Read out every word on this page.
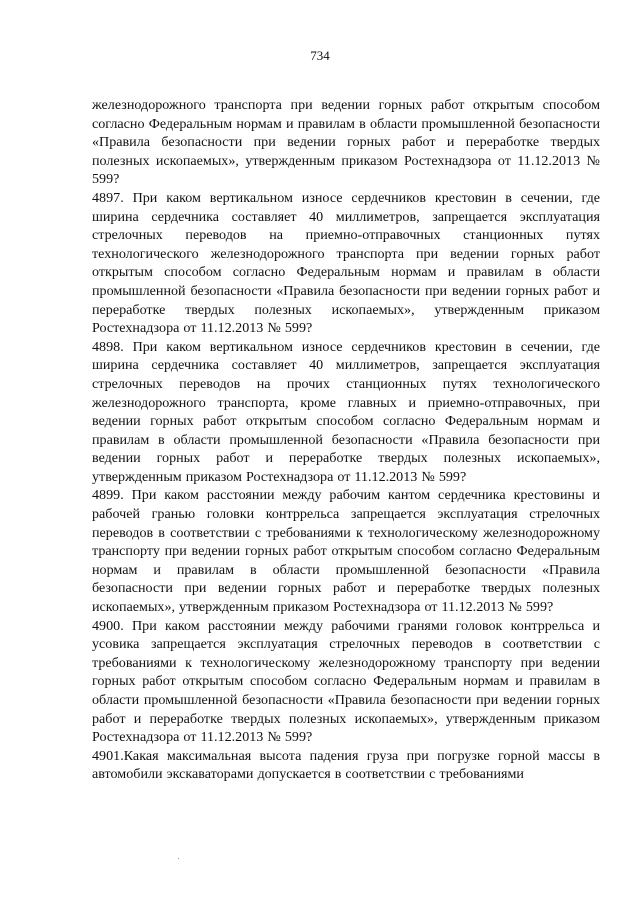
734

железнодорожного транспорта при ведении горных работ открытым способом согласно Федеральным нормам и правилам в области промышленной безопасности «Правила безопасности при ведении горных работ и переработке твердых полезных ископаемых», утвержденным приказом Ростехнадзора от 11.12.2013 № 599?

4897. При каком вертикальном износе сердечников крестовин в сечении, где ширина сердечника составляет 40 миллиметров, запрещается эксплуатация стрелочных переводов на приемно-отправочных станционных путях технологического железнодорожного транспорта при ведении горных работ открытым способом согласно Федеральным нормам и правилам в области промышленной безопасности «Правила безопасности при ведении горных работ и переработке твердых полезных ископаемых», утвержденным приказом Ростехнадзора от 11.12.2013 № 599?

4898. При каком вертикальном износе сердечников крестовин в сечении, где ширина сердечника составляет 40 миллиметров, запрещается эксплуатация стрелочных переводов на прочих станционных путях технологического железнодорожного транспорта, кроме главных и приемно-отправочных, при ведении горных работ открытым способом согласно Федеральным нормам и правилам в области промышленной безопасности «Правила безопасности при ведении горных работ и переработке твердых полезных ископаемых», утвержденным приказом Ростехнадзора от 11.12.2013 № 599?

4899. При каком расстоянии между рабочим кантом сердечника крестовины и рабочей гранью головки контррельса запрещается эксплуатация стрелочных переводов в соответствии с требованиями к технологическому железнодорожному транспорту при ведении горных работ открытым способом согласно Федеральным нормам и правилам в области промышленной безопасности «Правила безопасности при ведении горных работ и переработке твердых полезных ископаемых», утвержденным приказом Ростехнадзора от 11.12.2013 № 599?

4900. При каком расстоянии между рабочими гранями головок контррельса и усовика запрещается эксплуатация стрелочных переводов в соответствии с требованиями к технологическому железнодорожному транспорту при ведении горных работ открытым способом согласно Федеральным нормам и правилам в области промышленной безопасности «Правила безопасности при ведении горных работ и переработке твердых полезных ископаемых», утвержденным приказом Ростехнадзора от 11.12.2013 № 599?

4901.Какая максимальная высота падения груза при погрузке горной массы в автомобили экскаваторами допускается в соответствии с требованиями
